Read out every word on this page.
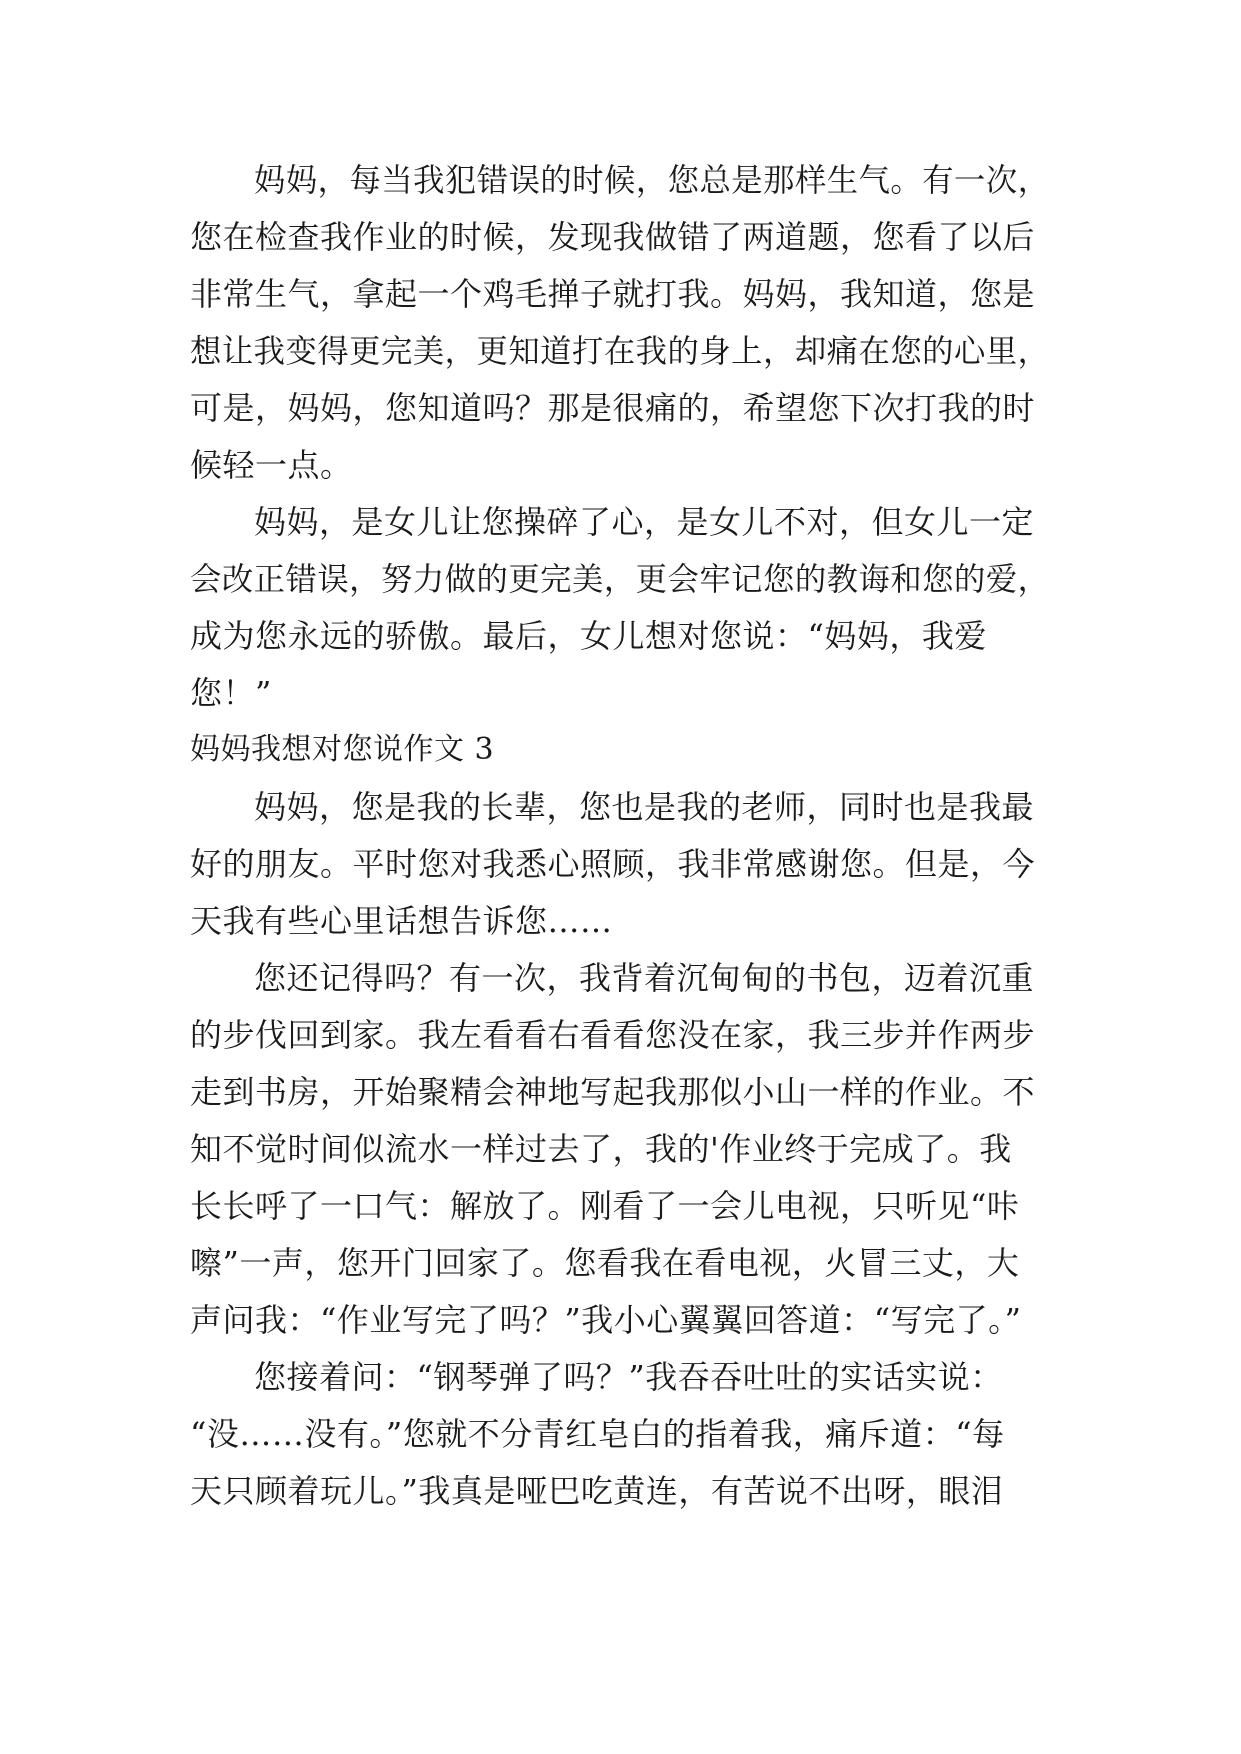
妈妈，每当我犯错误的时候，您总是那样生气。有一次，
您在检查我作业的时候，发现我做错了两道题，您看了以后
非常生气，拿起一个鸡毛掸子就打我。妈妈，我知道，您是
想让我变得更完美，更知道打在我的身上，却痛在您的心里，
可是，妈妈，您知道吗？那是很痛的，希望您下次打我的时
候轻一点。
妈妈，是女儿让您操碎了心，是女儿不对，但女儿一定
会改正错误，努力做的更完美，更会牢记您的教诲和您的爱，
成为您永远的骄傲。最后，女儿想对您说：“妈妈，我爱
您！”
妈妈我想对您说作文 3
妈妈，您是我的长辈，您也是我的老师，同时也是我最
好的朋友。平时您对我悉心照顾，我非常感谢您。但是，今
天我有些心里话想告诉您……
您还记得吗？有一次，我背着沉甸甸的书包，迈着沉重
的步伐回到家。我左看看右看看您没在家，我三步并作两步
走到书房，开始聚精会神地写起我那似小山一样的作业。不
知不觉时间似流水一样过去了，我的'作业终于完成了。我
长长呼了一口气：解放了。刚看了一会儿电视，只听见“咔
嚓”一声，您开门回家了。您看我在看电视，火冒三丈，大
声问我：“作业写完了吗？”我小心翼翼回答道：“写完了。”
您接着问：“钢琴弹了吗？”我吞吞吐吐的实话实说：
“没……没有。”您就不分青红皂白的指着我，痛斥道：“每
天只顾着玩儿。”我真是哑巴吃黄连，有苦说不出呀，眼泪
